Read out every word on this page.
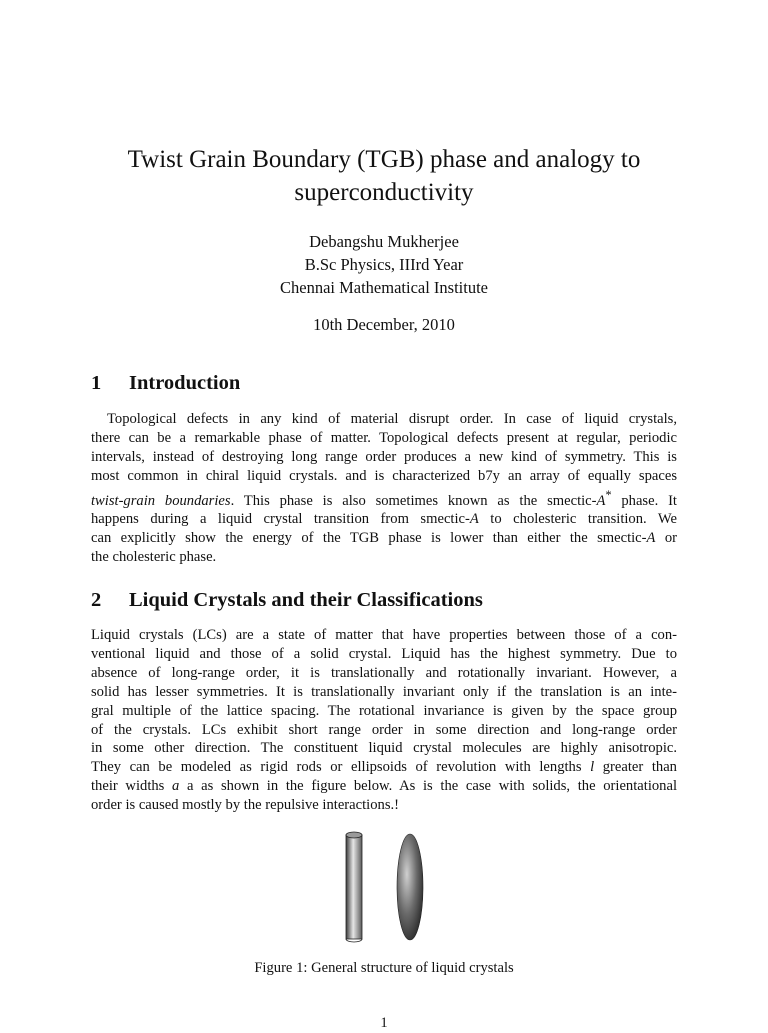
Twist Grain Boundary (TGB) phase and analogy to
superconductivity
Debangshu Mukherjee
B.Sc Physics, IIIrd Year
Chennai Mathematical Institute
10th December, 2010
1 Introduction

Topological defects in any kind of material disrupt order. In case of liquid crystals,
there can be a remarkable phase of matter. Topological defects present at regular, periodic
intervals, instead of destroying long range order produces a new kind of symmetry. This is
most common in chiral liquid crystals. and is characterized b7y an array of equally spaces
twist-grain boundaries. This phase is also sometimes known as the smectic-A* phase. It
happens during a liquid crystal transition from smectic-A to cholesteric transition. We
can explicitly show the energy of the TGB phase is lower than either the smectic-A or
the cholesteric phase.

2 Liquid Crystals and their Classifications

Liquid crystals (LCs) are a state of matter that have properties between those of a con-
ventional liquid and those of a solid crystal. Liquid has the highest symmetry. Due to
absence of long-range order, it is translationally and rotationally invariant. However, a
solid has lesser symmetries. It is translationally invariant only if the translation is an inte-
gral multiple of the lattice spacing. The rotational invariance is given by the space group
of the crystals. LCs exhibit short range order in some direction and long-range order
in some other direction. The constituent liquid crystal molecules are highly anisotropic.
They can be modeled as rigid rods or ellipsoids of revolution with lengths l greater than
their widths a a as shown in the figure below. As is the case with solids, the orientational
order is caused mostly by the repulsive interactions.!

Figure 1: General structure of liquid crystals
1
